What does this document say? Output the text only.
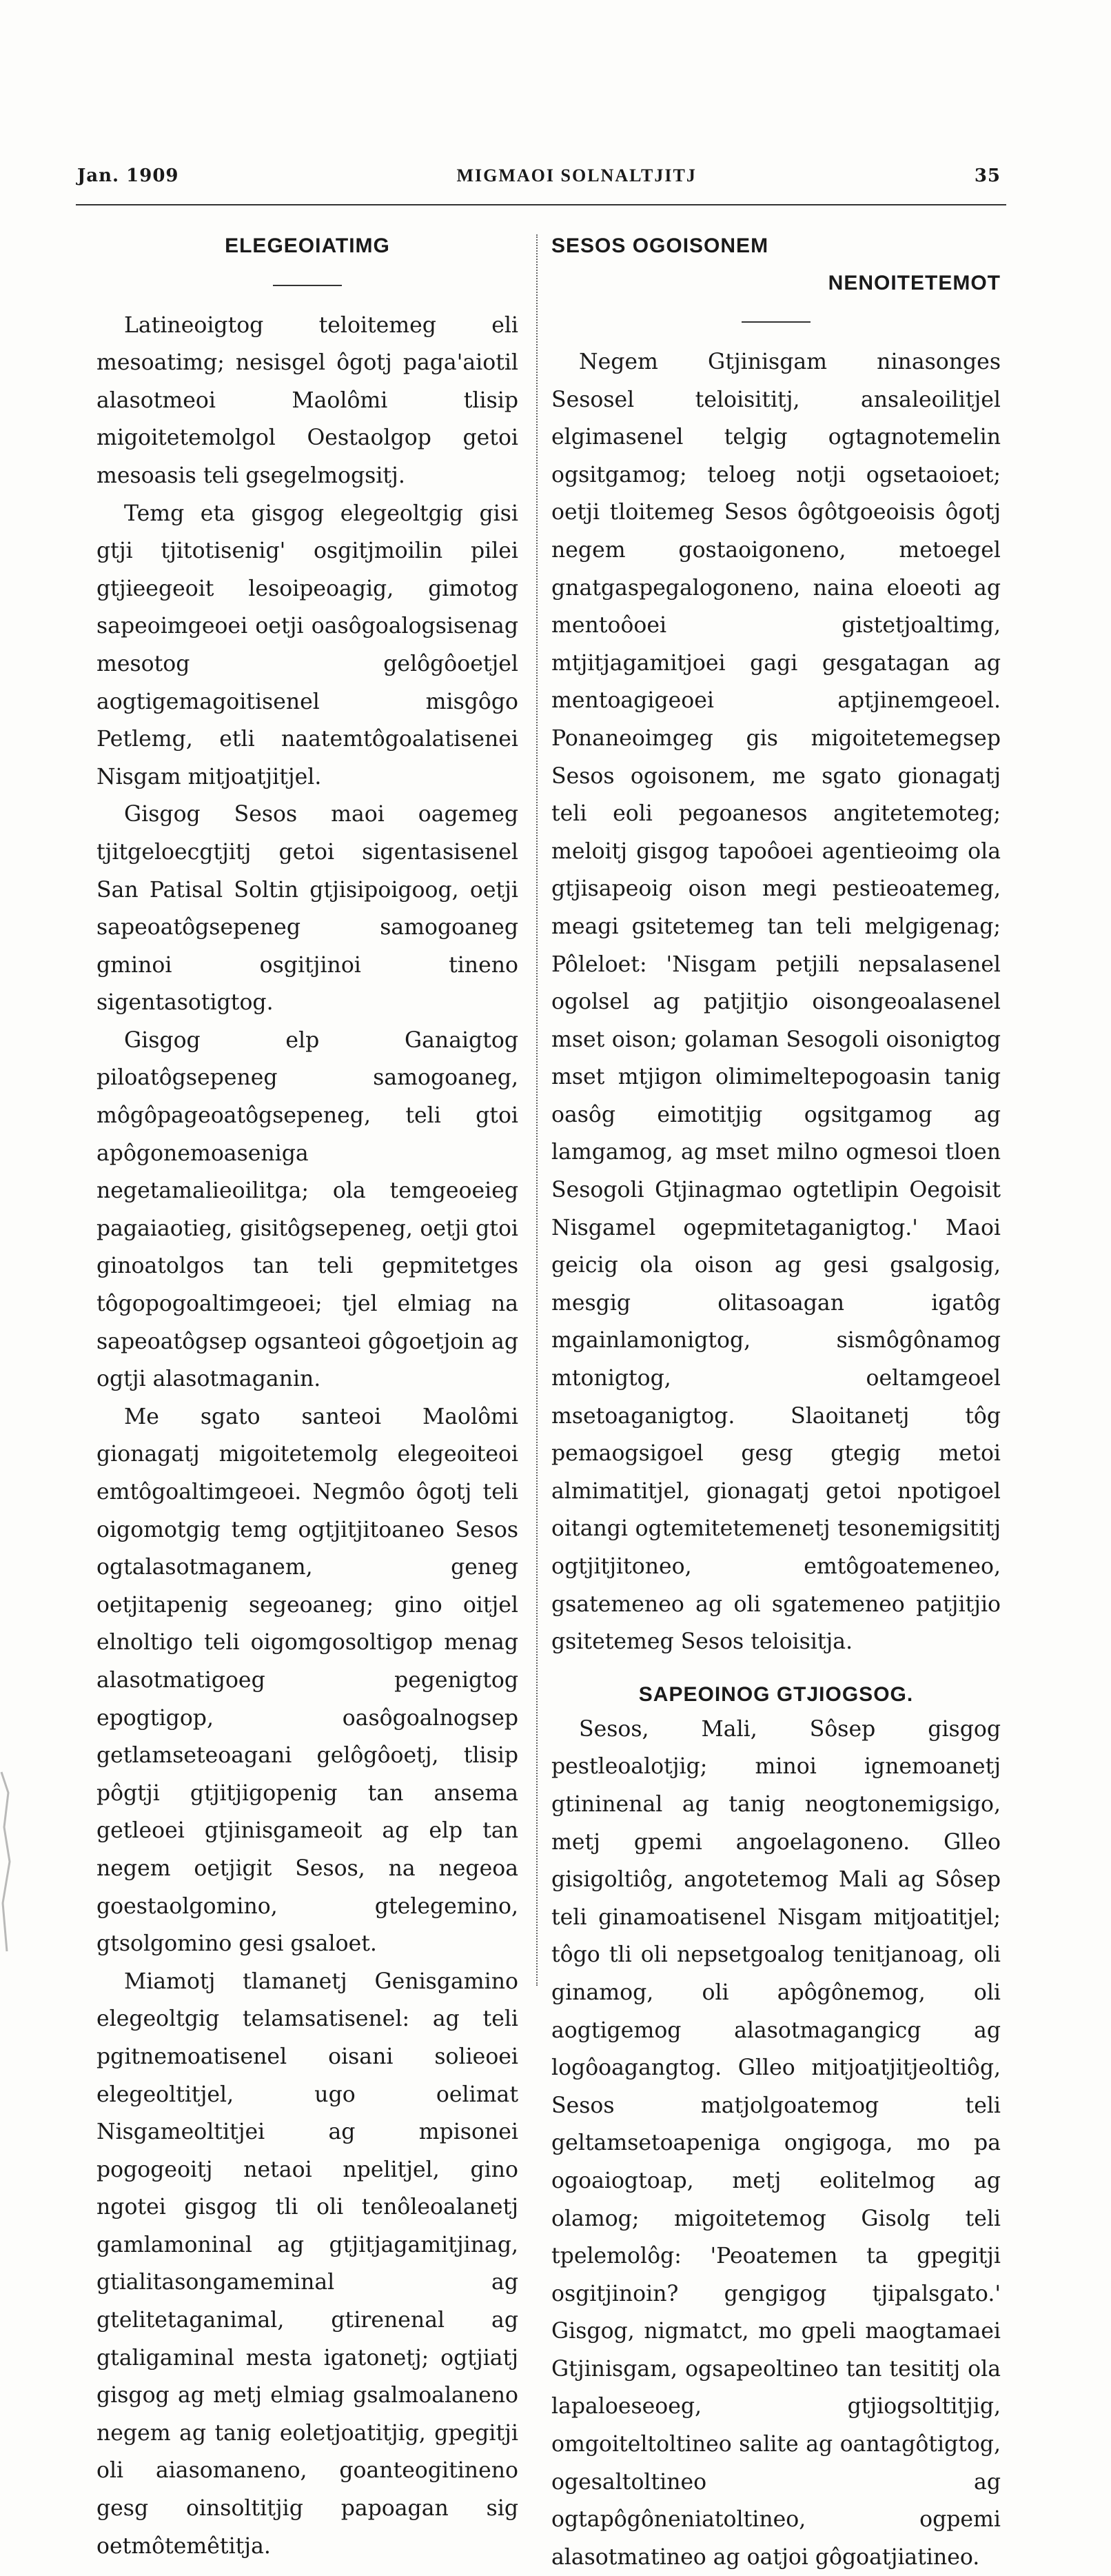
Jan. 1909	MIGMAOI SOLNALTJITJ	35
ELEGEOIATIMG

Latineoigtog teloitemeg eli mesoatimg; nesisgel ôgotj paga'aiotil alasotmeoi Maolômi tlisip migoitetemolgol Oestaolgop getoi mesoasis teli gsegelmogsitj.

Temg eta gisgog elegeoltgig gisi gtji tjitotisenig' osgitjmoilin pilei gtjieegeoit lesoipeoagig, gimotog sapeoimgeoei oetji oasôgoalogsisenag mesotog gelôgôoetjel aogtigemagoitisenel misgôgo Petlemg, etli naatemtôgoalatisenei Nisgam mitjoatjitjel.

Gisgog Sesos maoi oagemeg tjitgeloecgtjitj getoi sigentasisenel San Patisal Soltin gtjisipoigoog, oetji sapeoatôgsepeneg samogoaneg gminoi osgitjinoi tineno sigentasotigtog.

Gisgog elp Ganaigtog piloatôgsepeneg samogoaneg, môgôpageoatôgsepeneg, teli gtoi apôgonemoaseniga negetamalieoilitga; ola temgeoeieg pagaiaotieg, gisitôgsepeneg, oetji gtoi ginoatolgos tan teli gepmitetges tôgopogoaltimgeoei; tjel elmiag na sapeoatôgsep ogsanteoi gôgoetjoin ag ogtji alasotmaganin.

Me sgato santeoi Maolômi gionagatj migoitetemolg elegeoiteoi emtôgoaltimgeoei. Negmôo ôgotj teli oigomotgig temg ogtjitjitoaneo Sesos ogtalasotmaganem, geneg oetjitapenig segeoaneg; gino oitjel elnoltigo teli oigomgosoltigop menag alasotmatigoeg pegenigtog epogtigop, oasôgoalnogsep getlamseteoagani gelôgôoetj, tlisip pôgtji gtjitjigopenig tan ansema getleoei gtjinisgameoit ag elp tan negem oetjigit Sesos, na negeoa goestaolgomino, gtelegemino, gtsolgomino gesi gsaloet.

Miamotj tlamanetj Genisgamino elegeoltgig telamsatisenel: ag teli pgitnemoatisenel oisani solieoei elegeoltitjel, ugo oelimat Nisgameoltitjei ag mpisonei pogogeoitj netaoi npelitjel, gino ngotei gisgog tli oli tenôleoalanetj gamlamoninal ag gtjitjagamitjinag, gtialitasongameminal ag gtelitetaganimal, gtirenenal ag gtaligaminal mesta igatonetj; ogtjiatj gisgog ag metj elmiag gsalmoalaneno negem ag tanig eoletjoatitjig, gpegitji oli aiasomaneno, goanteogitineno gesg oinsoltitjig papoagan sig oetmôtemêtitja.

SESOS OGOISONEM
NENOITETEMOT

Negem Gtjinisgam ninasonges Sesosel teloisititj, ansaleoilitjel elgimasenel telgig ogtagnotemelin ogsitgamog; teloeg notji ogsetaoioet; oetji tloitemeg Sesos ôgôtgoeoisis ôgotj negem gostaoigoneno, metoegel gnatgaspegalogoneno, naina eloeoti ag mentoôoei gistetjoaltimg, mtjitjagamitjoei gagi gesgatagan ag mentoagigeoei aptjinemgeoel. Ponaneoimgeg gis migoitetemegsep Sesos ogoisonem, me sgato gionagatj teli eoli pegoanesos angitetemoteg; meloitj gisgog tapoôoei agentieoimg ola gtjisapeoig oison megi pestieoatemeg, meagi gsitetemeg tan teli melgigenag; Pôleloet: 'Nisgam petjili nepsalasenel ogolsel ag patjitjio oisongeoalasenel mset oison; golaman Sesogoli oisonigtog mset mtjigon olimimeltepogoasin tanig oasôg eimotitjig ogsitgamog ag lamgamog, ag mset milno ogmesoi tloen Sesogoli Gtjinagmao ogtetlipin Oegoisit Nisgamel ogepmitetaganigtog.' Maoi geicig ola oison ag gesi gsalgosig, mesgig olitasoagan igatôg mgainlamonigtog, sismôgônamog mtonigtog, oeltamgeoel msetoaganigtog. Slaoitanetj tôg pemaogsigoel gesg gtegig metoi almimatitjel, gionagatj getoi npotigoel oitangi ogtemitetemenetj tesonemigsititj ogtjitjitoneo, emtôgoatemeneo, gsatemeneo ag oli sgatemeneo patjitjio gsitetemeg Sesos teloisitja.

SAPEOINOG GTJIOGSOG.

Sesos, Mali, Sôsep gisgog pestleoalotjig; minoi ignemoanetj gtininenal ag tanig neogtonemigsigo, metj gpemi angoelagoneno. Glleo gisigoltiôg, angotetemog Mali ag Sôsep teli ginamoatisenel Nisgam mitjoatitjel; tôgo tli oli nepsetgoalog tenitjanoag, oli ginamog, oli apôgônemog, oli aogtigemog alasotmagangicg ag logôoagangtog. Glleo mitjoatjitjeoltiôg, Sesos matjolgoatemog teli geltamsetoapeniga ongigoga, mo pa ogoaiogtoap, metj eolitelmog ag olamog; migoitetemog Gisolg teli tpelemolôg: 'Peoatemen ta gpegitji osgitjinoin? gengigog tjipalsgato.' Gisgog, nigmatct, mo gpeli maogtamaei Gtjinisgam, ogsapeoltineo tan tesititj ola lapaloeseoeg, gtjiogsoltitjig, omgoiteltoltineo salite ag oantagôtigtog, ogesaltoltineo ag ogtapôgôneniatoltineo, ogpemi alasotmatineo ag oatjoi gôgoatjiatineo.
